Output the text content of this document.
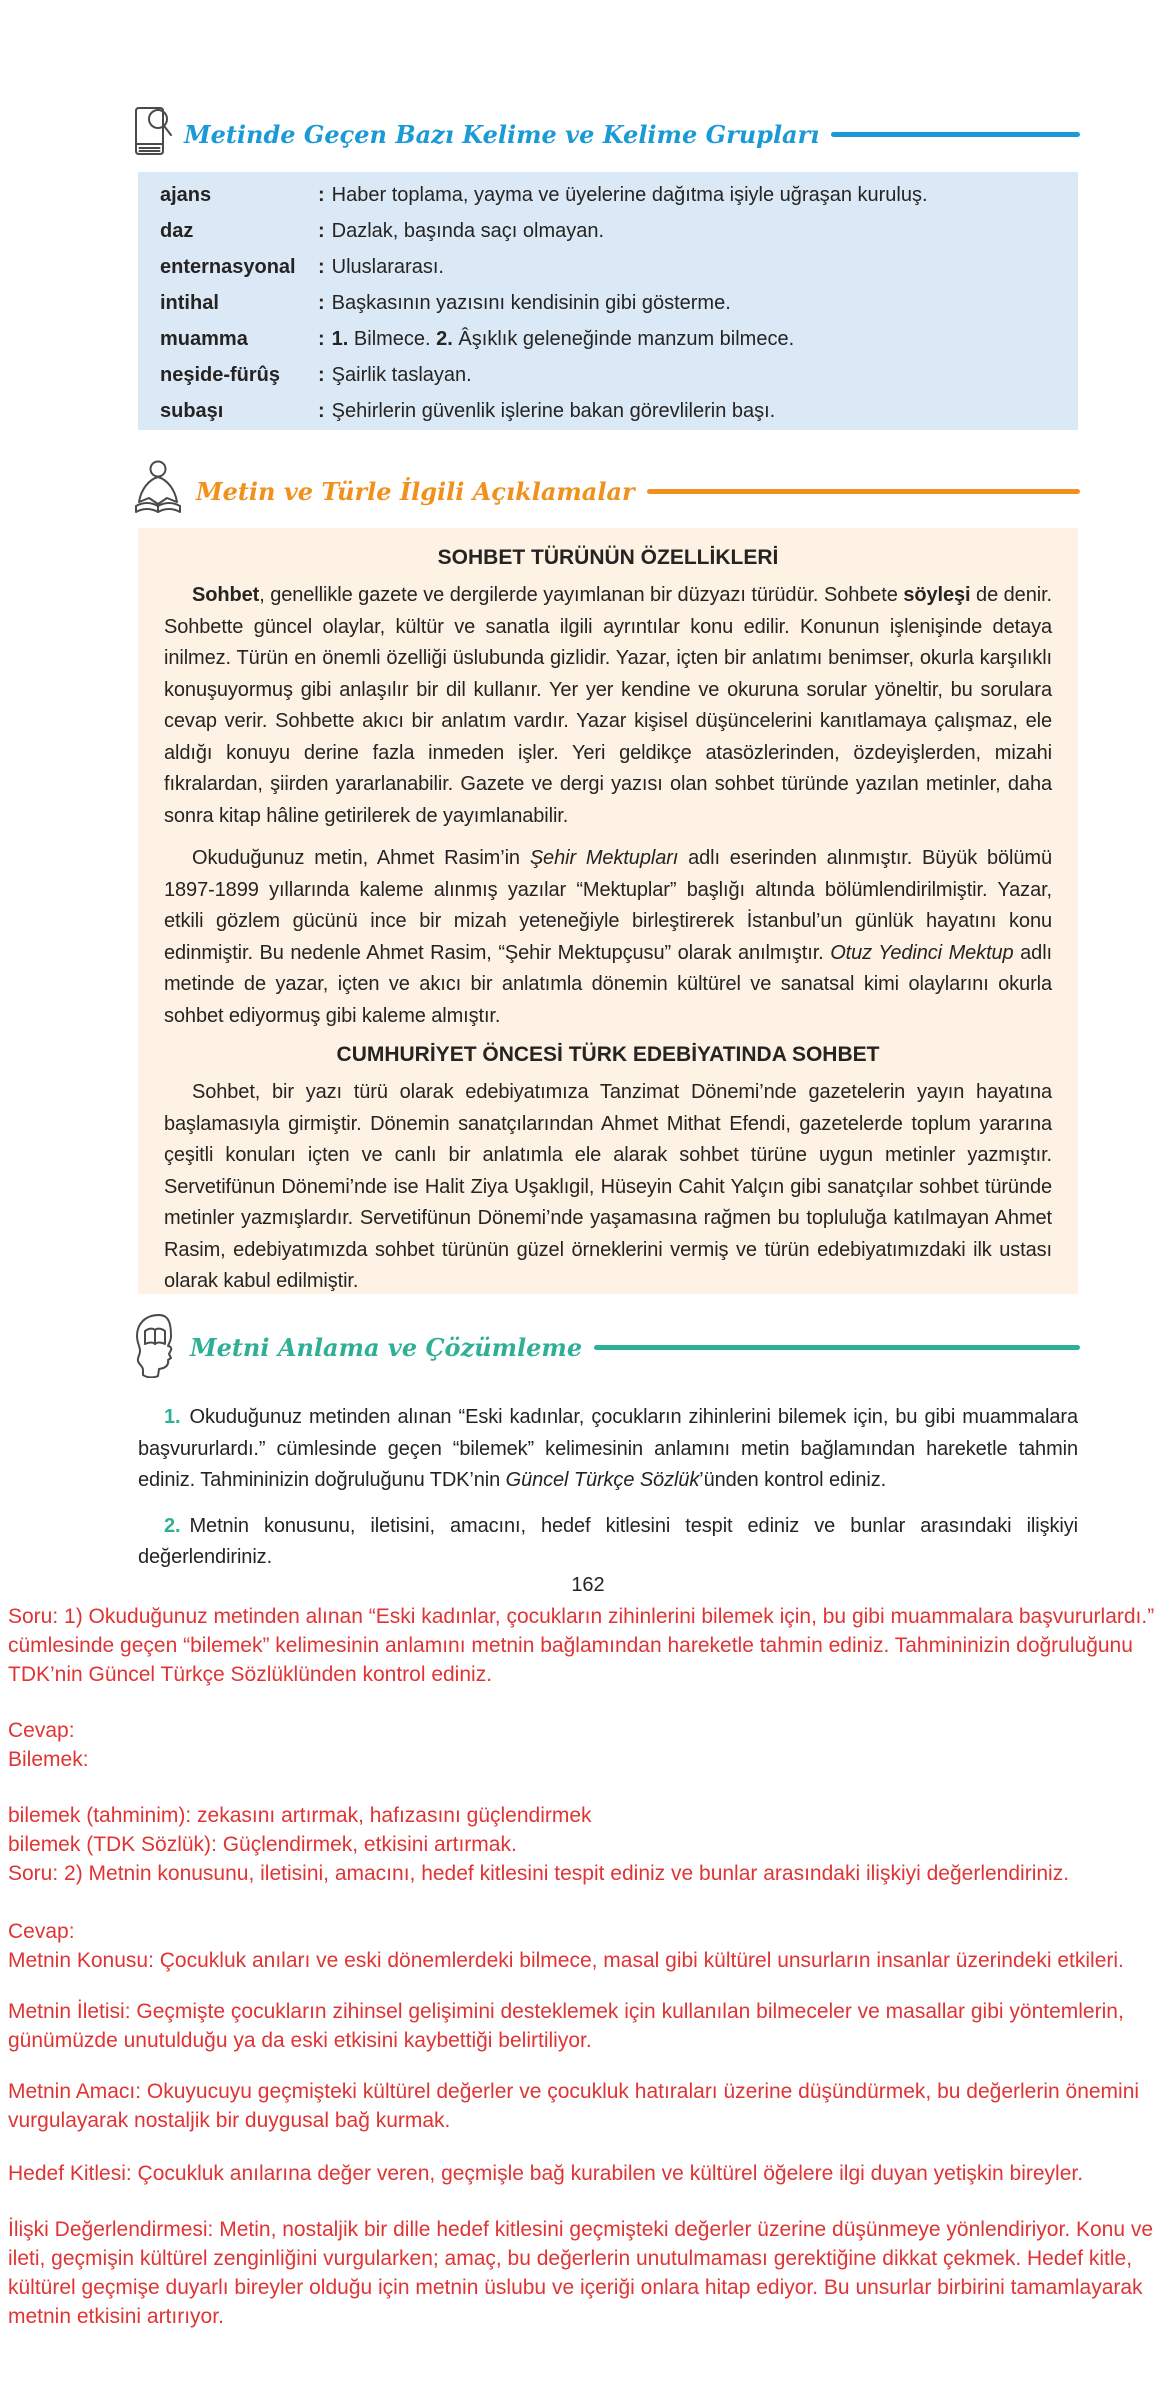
Metinde Geçen Bazı Kelime ve Kelime Grupları
ajans	: Haber toplama, yayma ve üyelerine dağıtma işiyle uğraşan kuruluş.
daz	: Dazlak, başında saçı olmayan.
enternasyonal	: Uluslararası.
intihal	: Başkasının yazısını kendisinin gibi gösterme.
muamma	: 1. Bilmece. 2. Âşıklık geleneğinde manzum bilmece.
neşide-fürûş	: Şairlik taslayan.
subaşı	: Şehirlerin güvenlik işlerine bakan görevlilerin başı.
Metin ve Türle İlgili Açıklamalar
SOHBET TÜRÜNÜN ÖZELLİKLERİ

Sohbet, genellikle gazete ve dergilerde yayımlanan bir düzyazı türüdür. Sohbete söyleşi de denir. Sohbette güncel olaylar, kültür ve sanatla ilgili ayrıntılar konu edilir. Konunun işlenişinde detaya inilmez. Türün en önemli özelliği üslubunda gizlidir. Yazar, içten bir anlatımı benimser, okurla karşılıklı konuşuyormuş gibi anlaşılır bir dil kullanır. Yer yer kendine ve okuruna sorular yöneltir, bu sorulara cevap verir. Sohbette akıcı bir anlatım vardır. Yazar kişisel düşüncelerini kanıtlamaya çalışmaz, ele aldığı konuyu derine fazla inmeden işler. Yeri geldikçe atasözlerinden, özdeyişlerden, mizahi fıkralardan, şiirden yararlanabilir. Gazete ve dergi yazısı olan sohbet türünde yazılan metinler, daha sonra kitap hâline getirilerek de yayımlanabilir.

Okuduğunuz metin, Ahmet Rasim’in Şehir Mektupları adlı eserinden alınmıştır. Büyük bölümü 1897-1899 yıllarında kaleme alınmış yazılar “Mektuplar” başlığı altında bölümlendirilmiştir. Yazar, etkili gözlem gücünü ince bir mizah yeteneğiyle birleştirerek İstanbul’un günlük hayatını konu edinmiştir. Bu nedenle Ahmet Rasim, “Şehir Mektupçusu” olarak anılmıştır. Otuz Yedinci Mektup adlı metinde de yazar, içten ve akıcı bir anlatımla dönemin kültürel ve sanatsal kimi olaylarını okurla sohbet ediyormuş gibi kaleme almıştır.

CUMHURİYET ÖNCESİ TÜRK EDEBİYATINDA SOHBET

Sohbet, bir yazı türü olarak edebiyatımıza Tanzimat Dönemi’nde gazetelerin yayın hayatına başlamasıyla girmiştir. Dönemin sanatçılarından Ahmet Mithat Efendi, gazetelerde toplum yararına çeşitli konuları içten ve canlı bir anlatımla ele alarak sohbet türüne uygun metinler yazmıştır. Servetifünun Dönemi’nde ise Halit Ziya Uşaklıgil, Hüseyin Cahit Yalçın gibi sanatçılar sohbet türünde metinler yazmışlardır. Servetifünun Dönemi’nde yaşamasına rağmen bu topluluğa katılmayan Ahmet Rasim, edebiyatımızda sohbet türünün güzel örneklerini vermiş ve türün edebiyatımızdaki ilk ustası olarak kabul edilmiştir.

Metni Anlama ve Çözümleme

1. Okuduğunuz metinden alınan “Eski kadınlar, çocukların zihinlerini bilemek için, bu gibi muammalara başvururlardı.” cümlesinde geçen “bilemek” kelimesinin anlamını metin bağlamından hareketle tahmin ediniz. Tahmininizin doğruluğunu TDK’nin Güncel Türkçe Sözlük’ünden kontrol ediniz.

2. Metnin konusunu, iletisini, amacını, hedef kitlesini tespit ediniz ve bunlar arasındaki ilişkiyi değerlendiriniz.

162

Soru: 1) Okuduğunuz metinden alınan “Eski kadınlar, çocukların zihinlerini bilemek için, bu gibi muammalara başvururlardı.” cümlesinde geçen “bilemek” kelimesinin anlamını metnin bağlamından hareketle tahmin ediniz. Tahmininizin doğruluğunu TDK’nin Güncel Türkçe Sözlüklünden kontrol ediniz.

Cevap:

Bilemek:

bilemek (tahminim): zekasını artırmak, hafızasını güçlendirmek

bilemek (TDK Sözlük): Güçlendirmek, etkisini artırmak.

Soru: 2) Metnin konusunu, iletisini, amacını, hedef kitlesini tespit ediniz ve bunlar arasındaki ilişkiyi değerlendiriniz.

Cevap:

Metnin Konusu: Çocukluk anıları ve eski dönemlerdeki bilmece, masal gibi kültürel unsurların insanlar üzerindeki etkileri.

Metnin İletisi: Geçmişte çocukların zihinsel gelişimini desteklemek için kullanılan bilmeceler ve masallar gibi yöntemlerin, günümüzde unutulduğu ya da eski etkisini kaybettiği belirtiliyor.

Metnin Amacı: Okuyucuyu geçmişteki kültürel değerler ve çocukluk hatıraları üzerine düşündürmek, bu değerlerin önemini vurgulayarak nostaljik bir duygusal bağ kurmak.

Hedef Kitlesi: Çocukluk anılarına değer veren, geçmişle bağ kurabilen ve kültürel öğelere ilgi duyan yetişkin bireyler.

İlişki Değerlendirmesi: Metin, nostaljik bir dille hedef kitlesini geçmişteki değerler üzerine düşünmeye yönlendiriyor. Konu ve ileti, geçmişin kültürel zenginliğini vurgularken; amaç, bu değerlerin unutulmaması gerektiğine dikkat çekmek. Hedef kitle, kültürel geçmişe duyarlı bireyler olduğu için metnin üslubu ve içeriği onlara hitap ediyor. Bu unsurlar birbirini tamamlayarak metnin etkisini artırıyor.
